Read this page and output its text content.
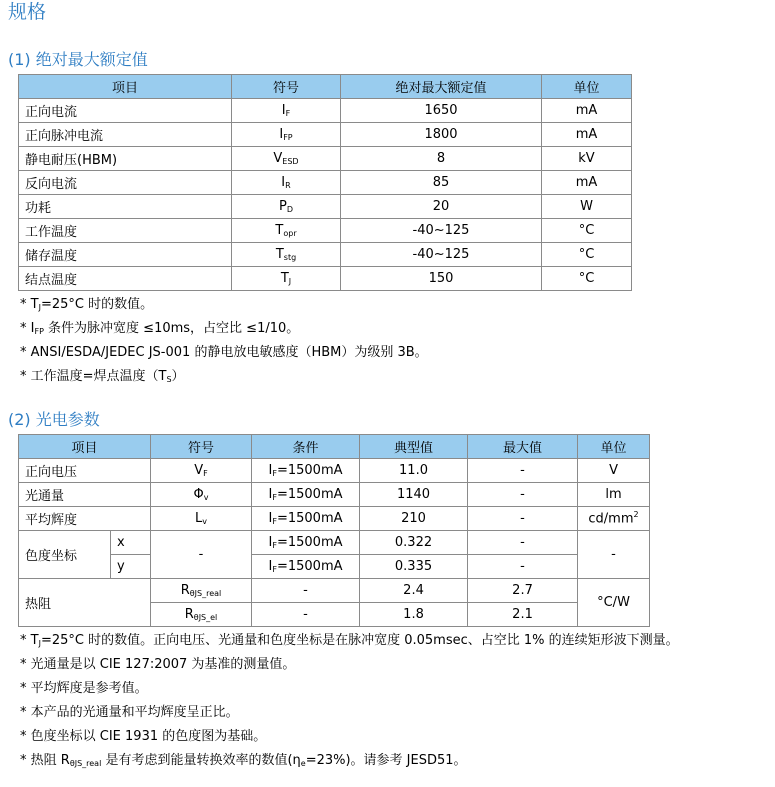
规格
(1) 绝对最大额定值
项目	符号	绝对最大额定值	单位
正向电流	$I_F$	1650	mA
正向脉冲电流	$I_{FP}$	1800	mA
静电耐压(HBM)	$V_{ESD}$	8	kV
反向电流	$I_R$	85	mA
功耗	$P_D$	20	W
工作温度	$T_{opr}$	-40~125	°C
储存温度	$T_{stg}$	-40~125	°C
结点温度	$T_J$	150	°C
* $T_J=25^\circ C$ 时的数值。
* $I_{FP}$ 条件为脉冲宽度 ≤10ms，占空比 ≤1/10。
* ANSI/ESDA/JEDEC JS-001 的静电放电敏感度（HBM）为级别 3B。
* 工作温度=焊点温度$(T_S)$
(2) 光电参数
项目		符号	条件	典型值	最大值	单位
正向电压		$V_F$	$I_F=1500mA$	11.0	-	V
光通量		$\Phi_v$	$I_F=1500mA$	1140	-	lm
平均辉度		$L_v$	$I_F=1500mA$	210	-	$cd/mm^2$
色度坐标	x	-	$I_F=1500mA$	0.322	-	-
	y		$I_F=1500mA$	0.335	-	
热阻		$R_{\theta JS\_real}$	-	2.4	2.7	°C/W
		$R_{\theta JS\_el}$	-	1.8	2.1	
* $T_J=25^\circ C$ 时的数值。正向电压、光通量和色度坐标是在脉冲宽度 0.05msec、占空比 1% 的连续矩形波下测量。
* 光通量是以 CIE 127:2007 为基准的测量值。
* 平均辉度是参考值。
* 本产品的光通量和平均辉度呈正比。
* 色度坐标以 CIE 1931 的色度图为基础。
* 热阻 $R_{\theta JS\_real}$ 是有考虑到能量转换效率的数值$(\eta_e=23\%)$。请参考 JESD51。
